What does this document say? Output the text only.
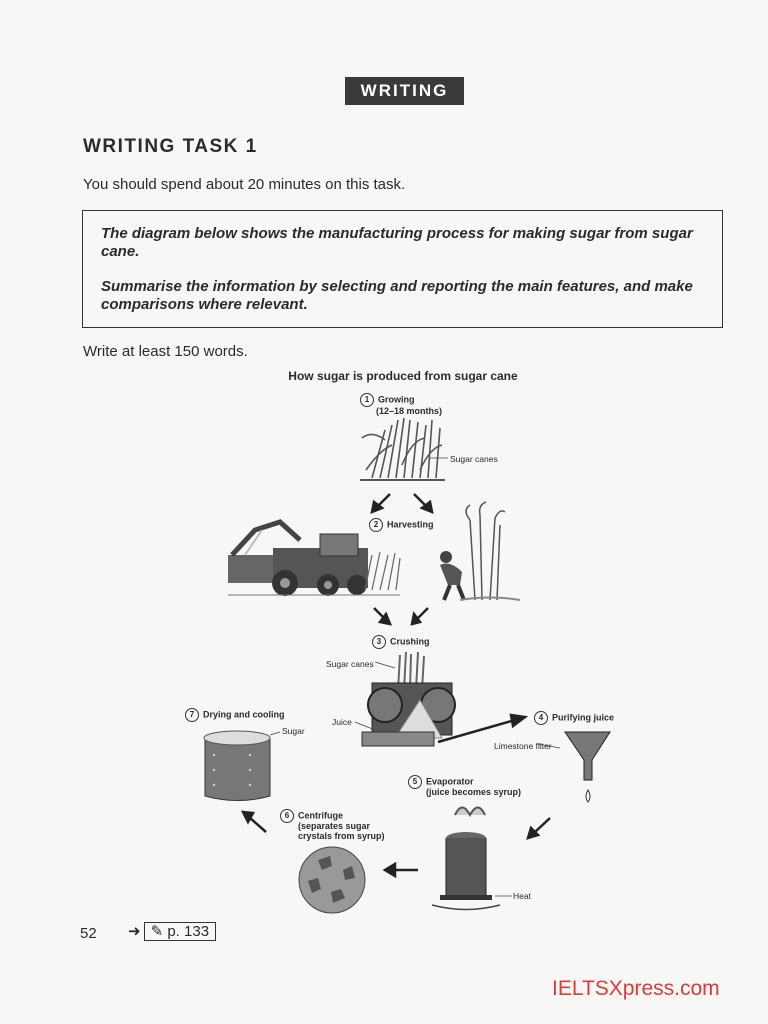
WRITING
WRITING TASK 1
You should spend about 20 minutes on this task.
The diagram below shows the manufacturing process for making sugar from sugar cane.
Summarise the information by selecting and reporting the main features, and make comparisons where relevant.
Write at least 150 words.
How sugar is produced from sugar cane
1 Growing
(12–18 months)
Sugar canes
2 Harvesting
3 Crushing
Sugar canes
Juice	4 Purifying juice
Limestone filter
5 Evaporator
(juice becomes syrup)
Heat
6 Centrifuge
(separates sugar crystals from syrup)
7 Drying and cooling
Sugar
52 ➜ ✎ p. 133
IELTSXpress.com
